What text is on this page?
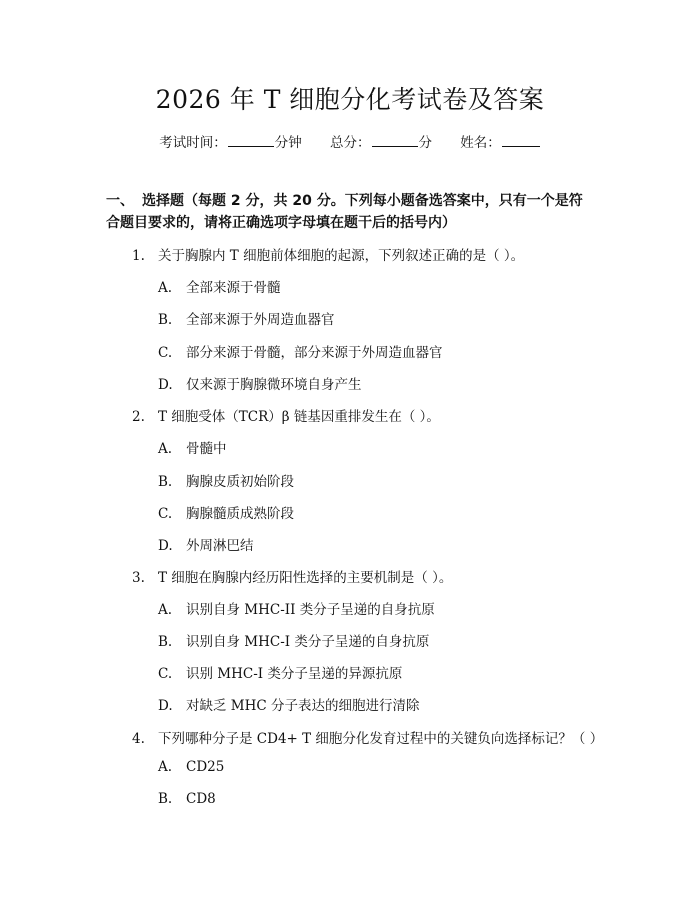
2026 年 T 细胞分化考试卷及答案
考试时间：	分钟 总分：	分 姓名：
一、 选择题（每题 2 分，共 20 分。下列每小题备选答案中，只有一个是符合题目要求的，请将正确选项字母填在题干后的括号内）
1. 关于胸腺内 T 细胞前体细胞的起源，下列叙述正确的是（ ）。
A. 全部来源于骨髓
B. 全部来源于外周造血器官
C. 部分来源于骨髓，部分来源于外周造血器官
D. 仅来源于胸腺微环境自身产生
2. T 细胞受体（TCR）β 链基因重排发生在（ ）。
A. 骨髓中
B. 胸腺皮质初始阶段
C. 胸腺髓质成熟阶段
D. 外周淋巴结
3. T 细胞在胸腺内经历阳性选择的主要机制是（ ）。
A. 识别自身 MHC-II 类分子呈递的自身抗原
B. 识别自身 MHC-I 类分子呈递的自身抗原
C. 识别 MHC-I 类分子呈递的异源抗原
D. 对缺乏 MHC 分子表达的细胞进行清除
4. 下列哪种分子是 CD4+ T 细胞分化发育过程中的关键负向选择标记？（ ）
A. CD25
B. CD8
